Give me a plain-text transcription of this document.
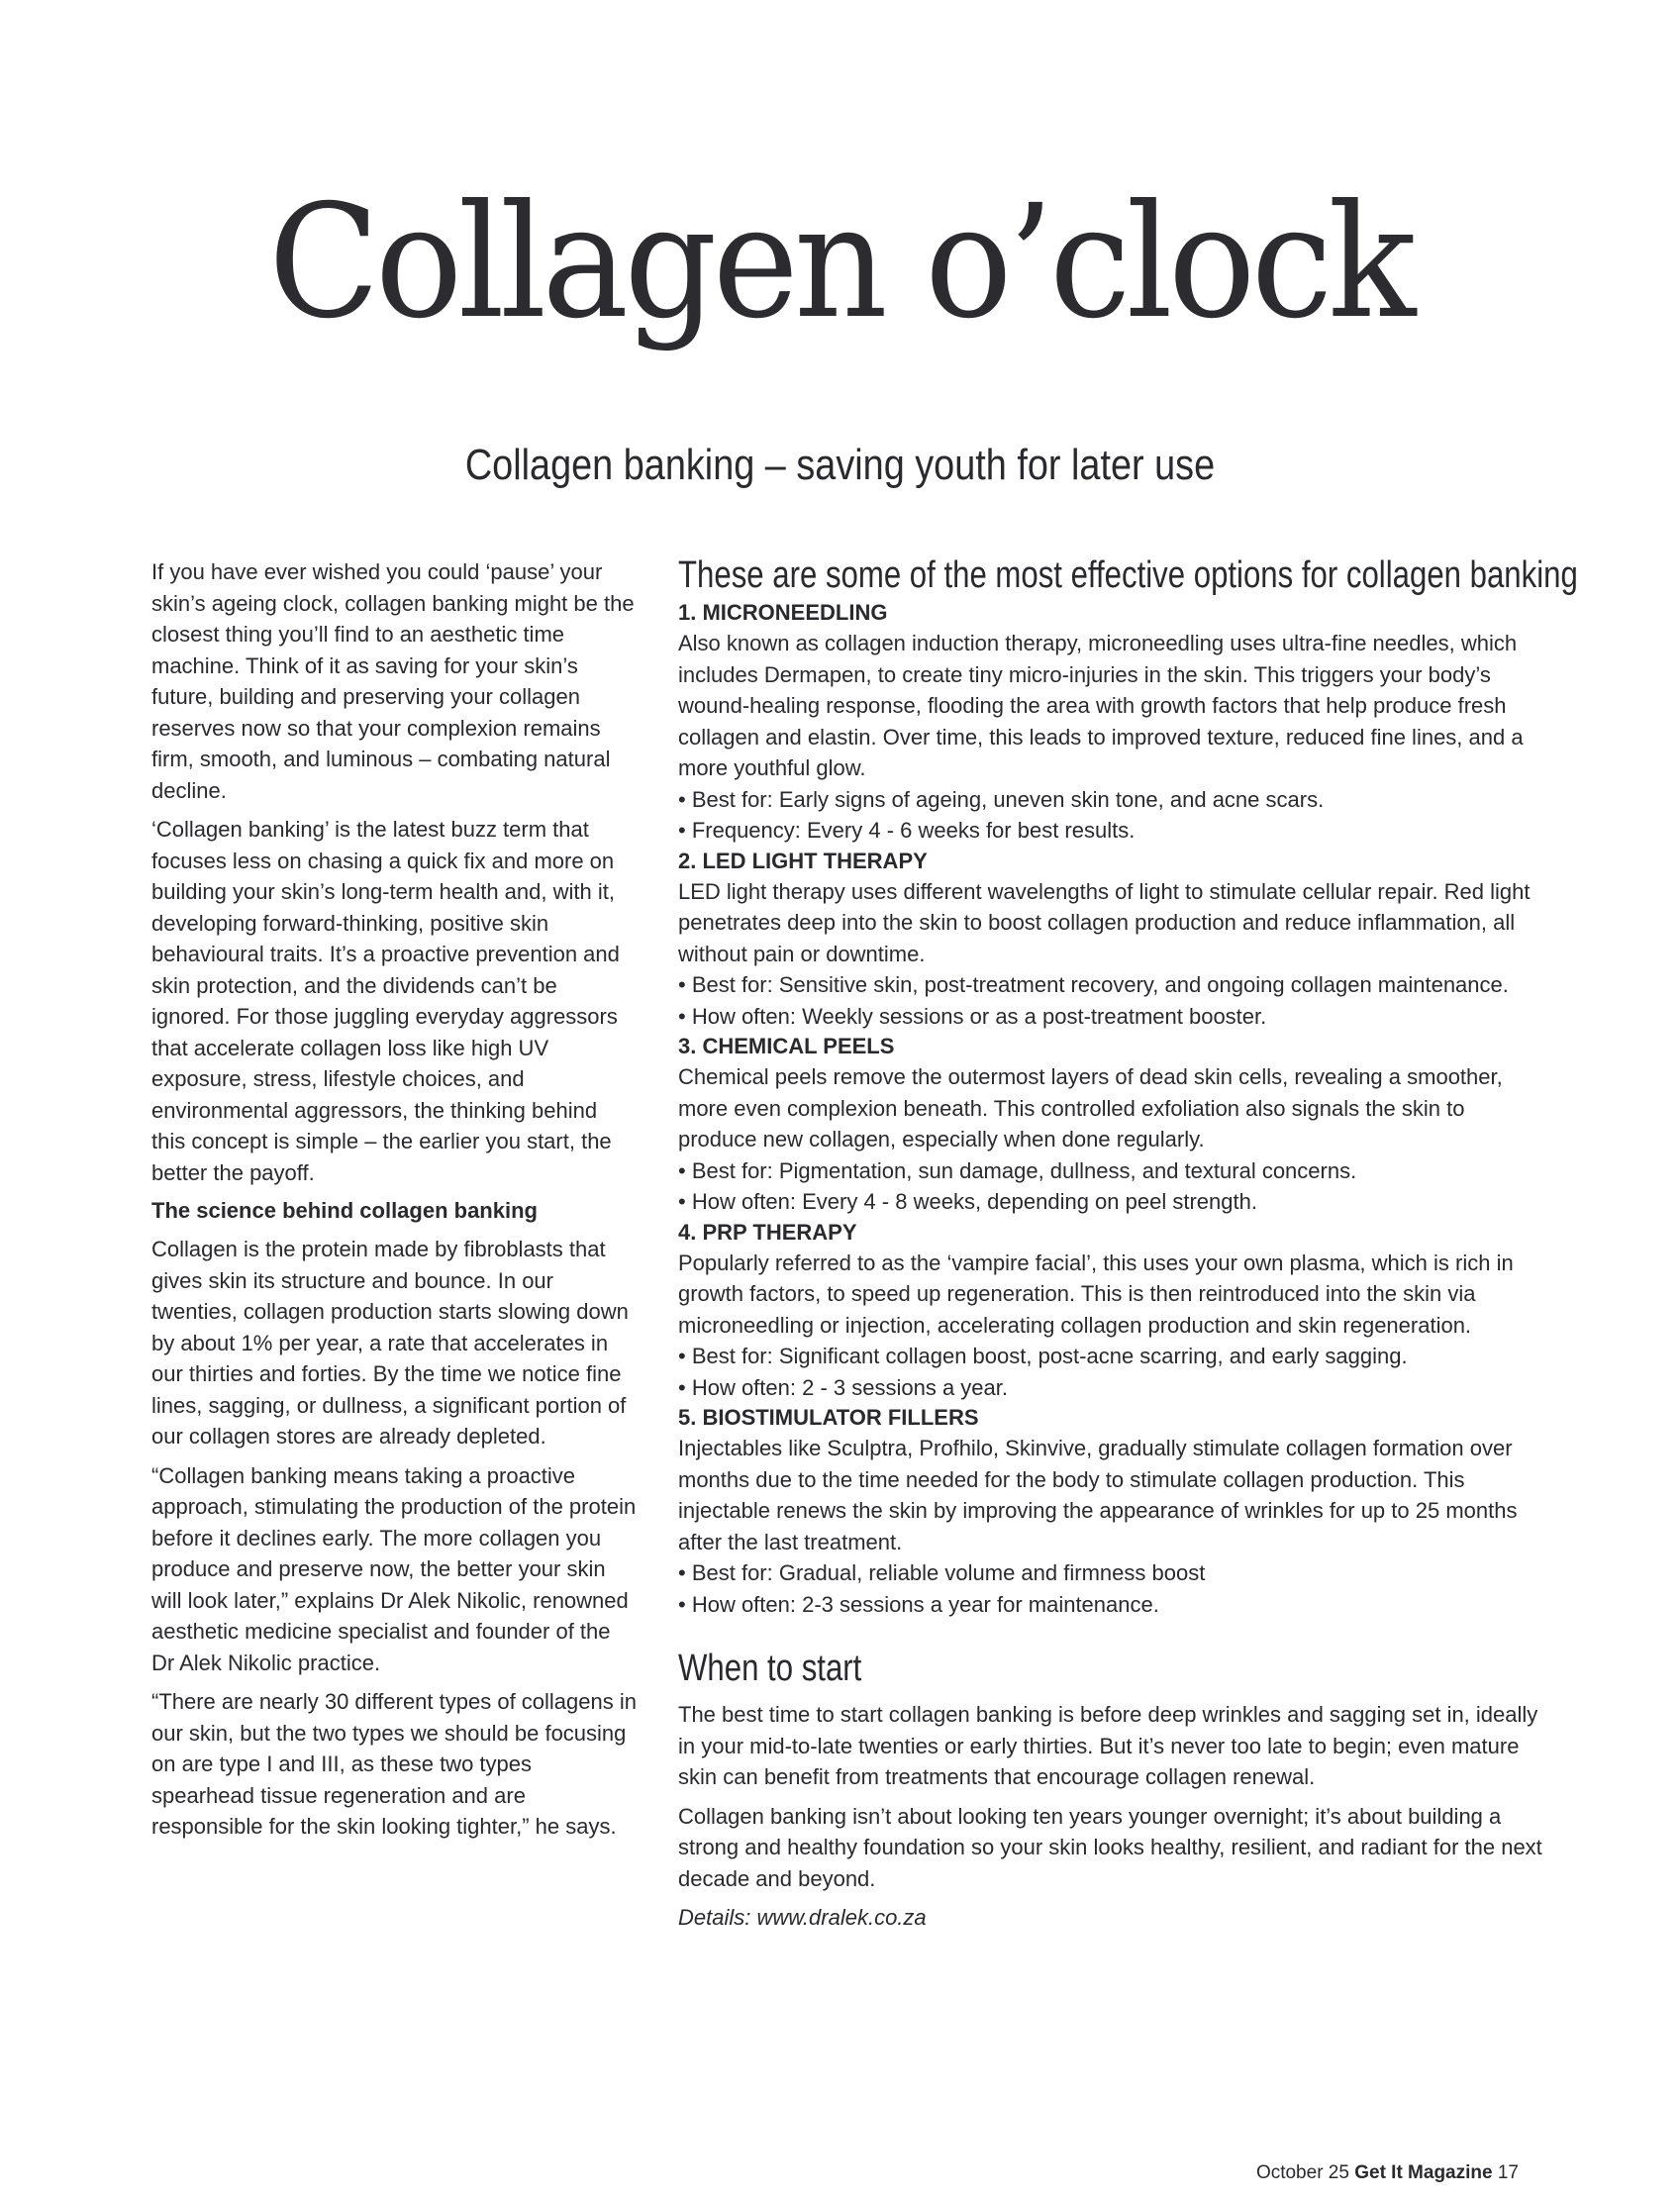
Collagen o’clock
Collagen banking – saving youth for later use

If you have ever wished you could ‘pause’ your skin’s ageing clock, collagen banking might be the closest thing you’ll find to an aesthetic time machine. Think of it as saving for your skin’s future, building and preserving your collagen reserves now so that your complexion remains firm, smooth, and luminous – combating natural decline.

‘Collagen banking’ is the latest buzz term that focuses less on chasing a quick fix and more on building your skin’s long-term health and, with it, developing forward-thinking, positive skin behavioural traits. It’s a proactive prevention and skin protection, and the dividends can’t be ignored. For those juggling everyday aggressors that accelerate collagen loss like high UV exposure, stress, lifestyle choices, and environmental aggressors, the thinking behind this concept is simple – the earlier you start, the better the payoff.

The science behind collagen banking

Collagen is the protein made by fibroblasts that gives skin its structure and bounce. In our twenties, collagen production starts slowing down by about 1% per year, a rate that accelerates in our thirties and forties. By the time we notice fine lines, sagging, or dullness, a significant portion of our collagen stores are already depleted.

“Collagen banking means taking a proactive approach, stimulating the production of the protein before it declines early. The more collagen you produce and preserve now, the better your skin will look later,” explains Dr Alek Nikolic, renowned aesthetic medicine specialist and founder of the Dr Alek Nikolic practice.

“There are nearly 30 different types of collagens in our skin, but the two types we should be focusing on are type I and III, as these two types spearhead tissue regeneration and are responsible for the skin looking tighter,” he says.

These are some of the most effective options for collagen banking

1. MICRONEEDLING

Also known as collagen induction therapy, microneedling uses ultra-fine needles, which includes Dermapen, to create tiny micro-injuries in the skin. This triggers your body’s wound-healing response, flooding the area with growth factors that help produce fresh collagen and elastin. Over time, this leads to improved texture, reduced fine lines, and a more youthful glow.

• Best for: Early signs of ageing, uneven skin tone, and acne scars.

• Frequency: Every 4 - 6 weeks for best results.

2. LED LIGHT THERAPY

LED light therapy uses different wavelengths of light to stimulate cellular repair. Red light penetrates deep into the skin to boost collagen production and reduce inflammation, all without pain or downtime.

• Best for: Sensitive skin, post-treatment recovery, and ongoing collagen maintenance.

• How often: Weekly sessions or as a post-treatment booster.

3. CHEMICAL PEELS

Chemical peels remove the outermost layers of dead skin cells, revealing a smoother, more even complexion beneath. This controlled exfoliation also signals the skin to produce new collagen, especially when done regularly.

• Best for: Pigmentation, sun damage, dullness, and textural concerns.

• How often: Every 4 - 8 weeks, depending on peel strength.

4. PRP THERAPY

Popularly referred to as the ‘vampire facial’, this uses your own plasma, which is rich in growth factors, to speed up regeneration. This is then reintroduced into the skin via microneedling or injection, accelerating collagen production and skin regeneration.

• Best for: Significant collagen boost, post-acne scarring, and early sagging.

• How often: 2 - 3 sessions a year.

5. BIOSTIMULATOR FILLERS

Injectables like Sculptra, Profhilo, Skinvive, gradually stimulate collagen formation over months due to the time needed for the body to stimulate collagen production. This injectable renews the skin by improving the appearance of wrinkles for up to 25 months after the last treatment.

• Best for: Gradual, reliable volume and firmness boost

• How often: 2-3 sessions a year for maintenance.

When to start

The best time to start collagen banking is before deep wrinkles and sagging set in, ideally in your mid-to-late twenties or early thirties. But it’s never too late to begin; even mature skin can benefit from treatments that encourage collagen renewal.

Collagen banking isn’t about looking ten years younger overnight; it’s about building a strong and healthy foundation so your skin looks healthy, resilient, and radiant for the next decade and beyond.

Details: www.dralek.co.za

October 25 Get It Magazine 17
